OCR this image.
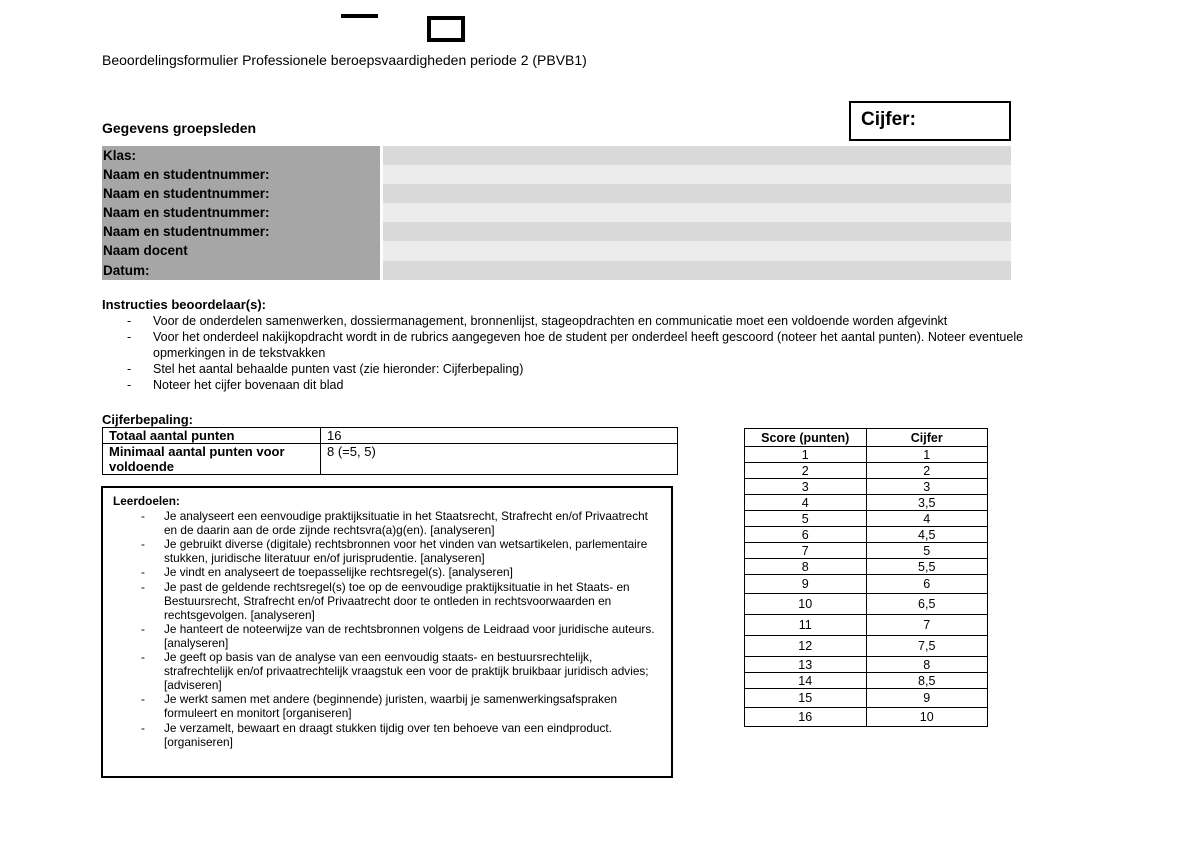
Beoordelingsformulier Professionele beroepsvaardigheden periode 2 (PBVB1)
Cijfer:
Gegevens groepsleden
Klas:
Naam en studentnummer:
Naam en studentnummer:
Naam en studentnummer:
Naam en studentnummer:
Naam docent
Datum:
Instructies beoordelaar(s):
- Voor de onderdelen samenwerken, dossiermanagement, bronnenlijst, stageopdrachten en communicatie moet een voldoende worden afgevinkt
- Voor het onderdeel nakijkopdracht wordt in de rubrics aangegeven hoe de student per onderdeel heeft gescoord (noteer het aantal punten). Noteer eventuele opmerkingen in de tekstvakken
- Stel het aantal behaalde punten vast (zie hieronder: Cijferbepaling)
- Noteer het cijfer bovenaan dit blad
Cijferbepaling:
Totaal aantal punten	16
Minimaal aantal punten voor voldoende	8 (=5, 5)
Leerdoelen:
- Je analyseert een eenvoudige praktijksituatie in het Staatsrecht, Strafrecht en/of Privaatrecht en de daarin aan de orde zijnde rechtsvra(a)g(en). [analyseren]
- Je gebruikt diverse (digitale) rechtsbronnen voor het vinden van wetsartikelen, parlementaire stukken, juridische literatuur en/of jurisprudentie. [analyseren]
- Je vindt en analyseert de toepasselijke rechtsregel(s). [analyseren]
- Je past de geldende rechtsregel(s) toe op de eenvoudige praktijksituatie in het Staats- en Bestuursrecht, Strafrecht en/of Privaatrecht door te ontleden in rechtsvoorwaarden en rechtsgevolgen. [analyseren]
- Je hanteert de noteerwijze van de rechtsbronnen volgens de Leidraad voor juridische auteurs. [analyseren]
- Je geeft op basis van de analyse van een eenvoudig staats- en bestuursrechtelijk, strafrechtelijk en/of privaatrechtelijk vraagstuk een voor de praktijk bruikbaar juridisch advies; [adviseren]
- Je werkt samen met andere (beginnende) juristen, waarbij je samenwerkingsafspraken formuleert en monitort [organiseren]
- Je verzamelt, bewaart en draagt stukken tijdig over ten behoeve van een eindproduct. [organiseren]
Score (punten)	Cijfer
1	1
2	2
3	3
4	3,5
5	4
6	4,5
7	5
8	5,5
9	6
10	6,5
11	7
12	7,5
13	8
14	8,5
15	9
16	10
